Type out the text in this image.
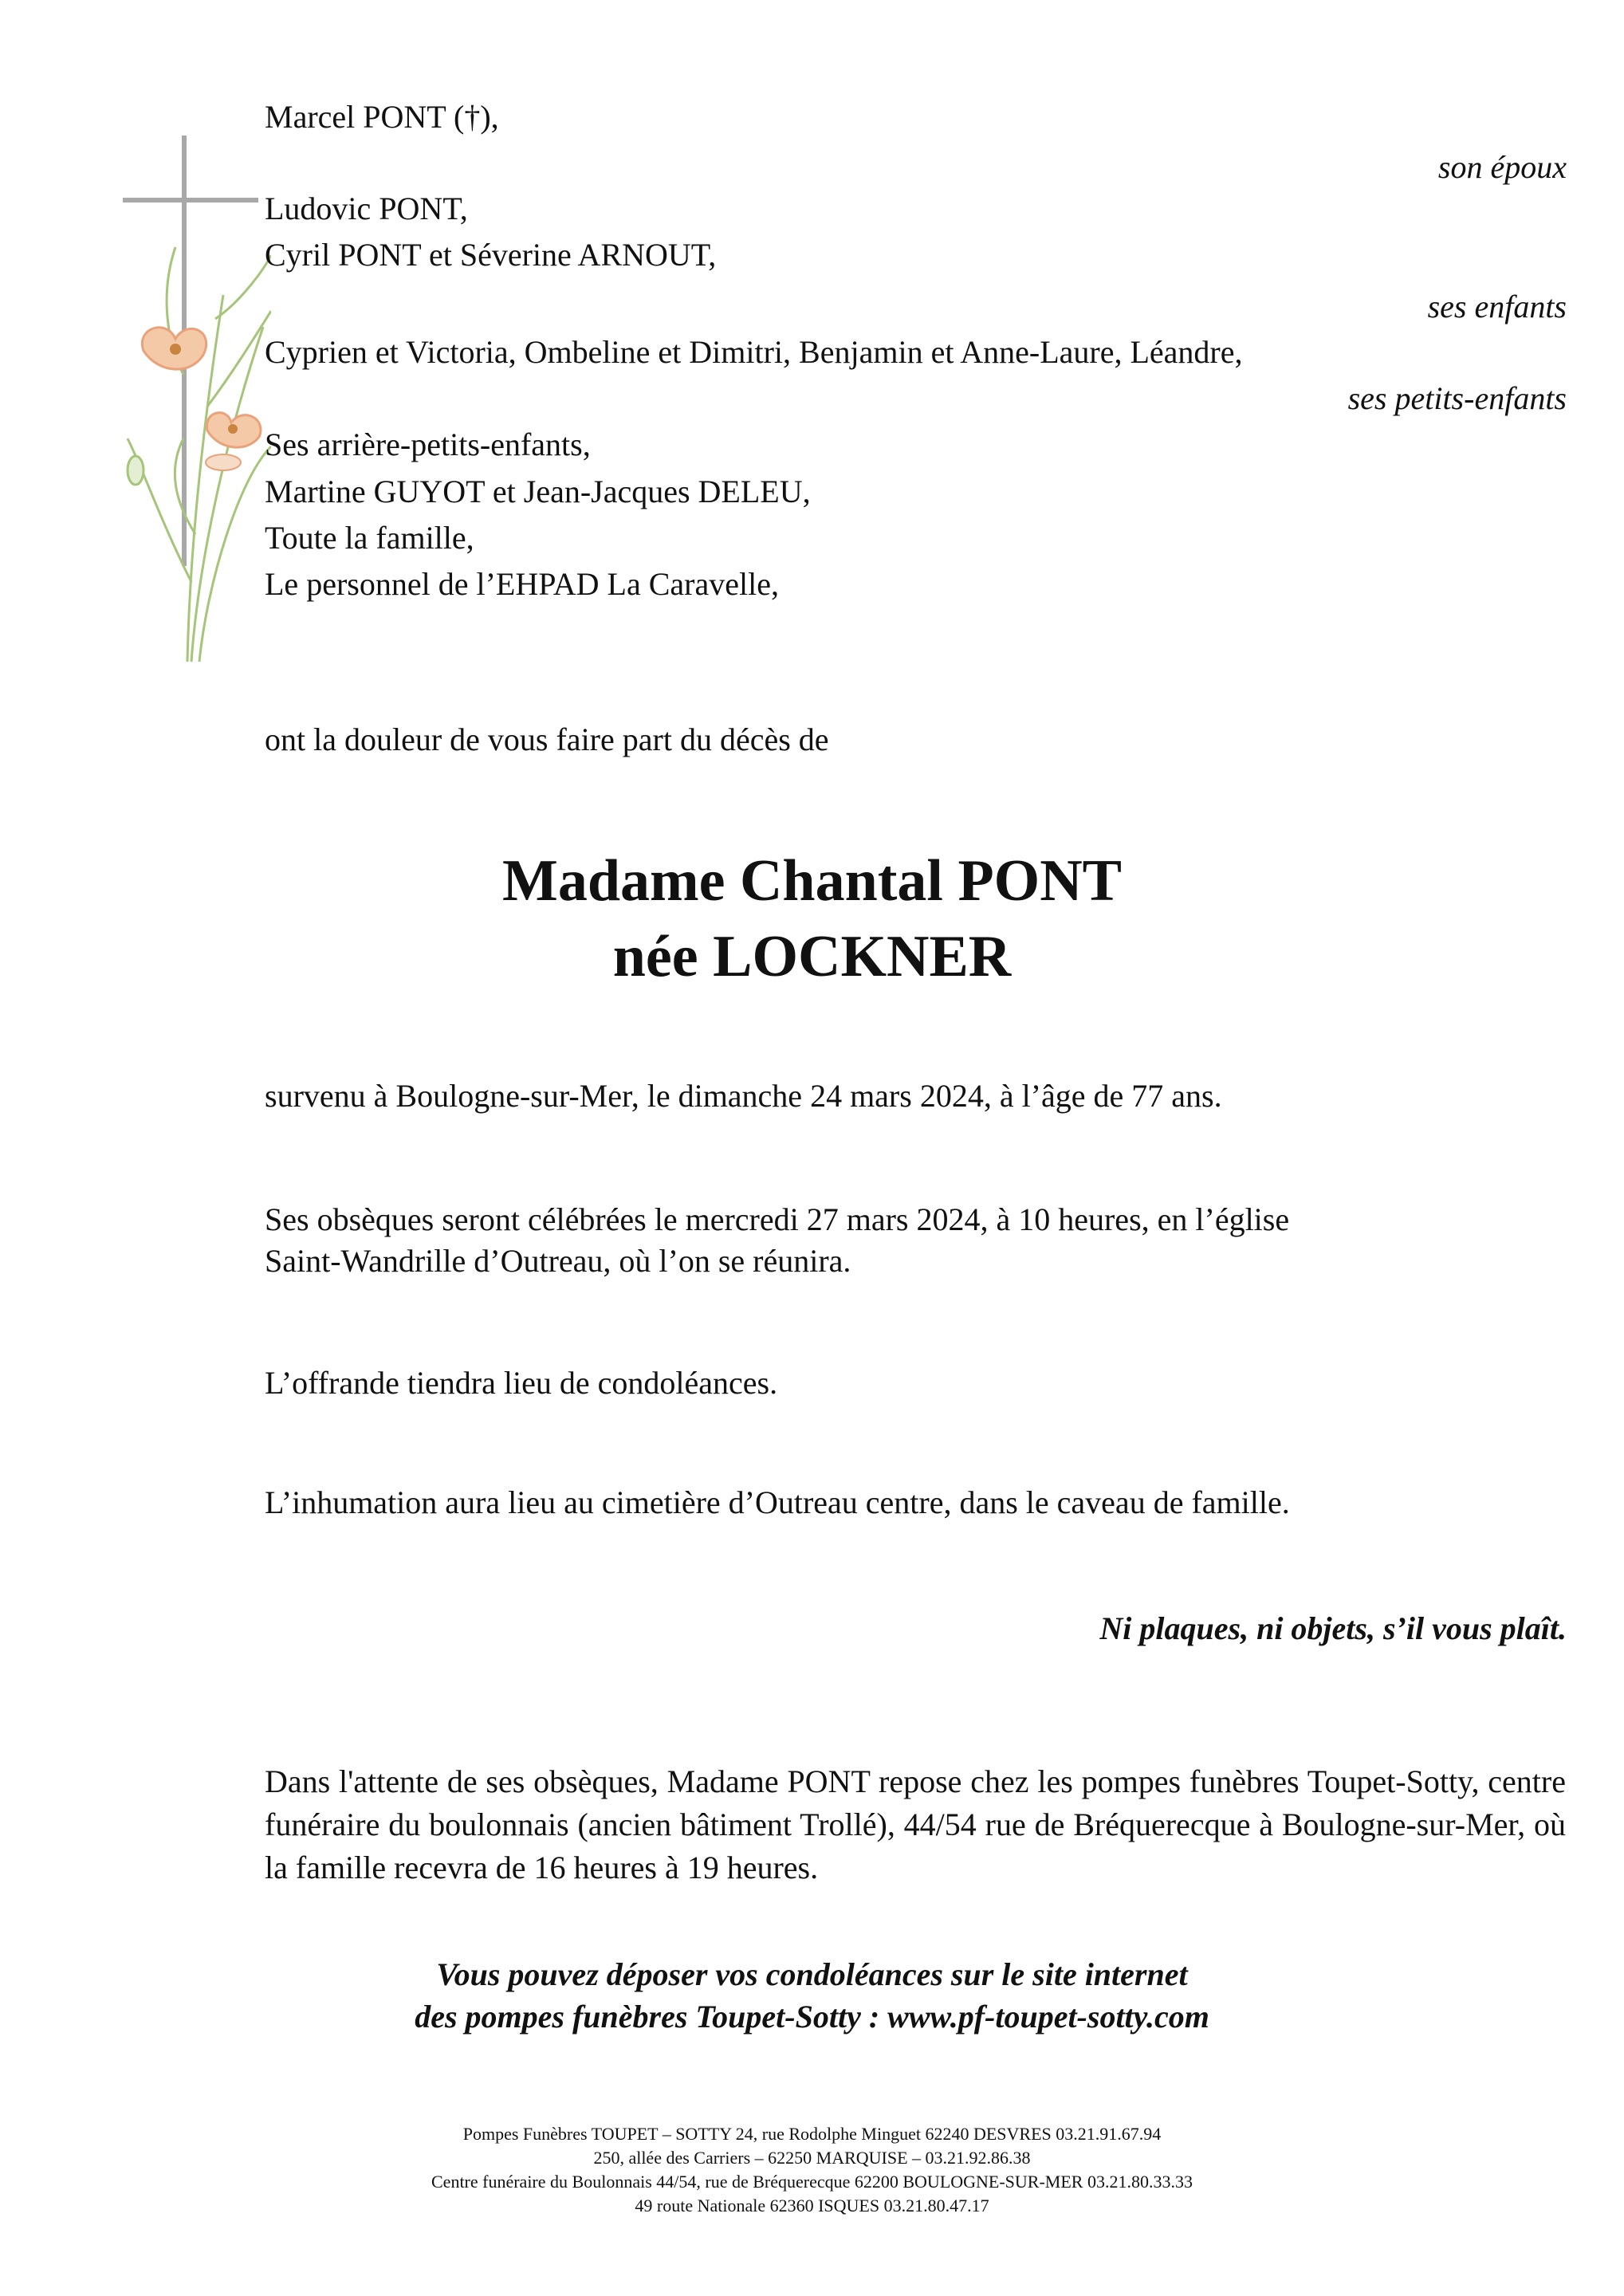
Marcel PONT (†),

son époux

Ludovic PONT,

Cyril PONT et Séverine ARNOUT,

ses enfants

Cyprien et Victoria, Ombeline et Dimitri, Benjamin et Anne-Laure, Léandre,

ses petits-enfants

Ses arrière-petits-enfants,

Martine GUYOT et Jean-Jacques DELEU,

Toute la famille,

Le personnel de l’EHPAD La Caravelle,

ont la douleur de vous faire part du décès de

Madame Chantal PONT
née LOCKNER

survenu à Boulogne-sur-Mer, le dimanche 24 mars 2024, à l’âge de 77 ans.

Ses obsèques seront célébrées le mercredi 27 mars 2024, à 10 heures, en l’église

Saint-Wandrille d’Outreau, où l’on se réunira.

L’offrande tiendra lieu de condoléances.

L’inhumation aura lieu au cimetière d’Outreau centre, dans le caveau de famille.

Ni plaques, ni objets, s’il vous plaît.

Dans l'attente de ses obsèques, Madame PONT repose chez les pompes funèbres Toupet-Sotty, centre funéraire du boulonnais (ancien bâtiment Trollé), 44/54 rue de Bréquerecque à Boulogne-sur-Mer, où la famille recevra de 16 heures à 19 heures.

Vous pouvez déposer vos condoléances sur le site internet
des pompes funèbres Toupet-Sotty : www.pf-toupet-sotty.com
Pompes Funèbres TOUPET – SOTTY 24, rue Rodolphe Minguet 62240 DESVRES 03.21.91.67.94
250, allée des Carriers – 62250 MARQUISE – 03.21.92.86.38
Centre funéraire du Boulonnais 44/54, rue de Bréquerecque 62200 BOULOGNE-SUR-MER 03.21.80.33.33
49 route Nationale 62360 ISQUES 03.21.80.47.17
